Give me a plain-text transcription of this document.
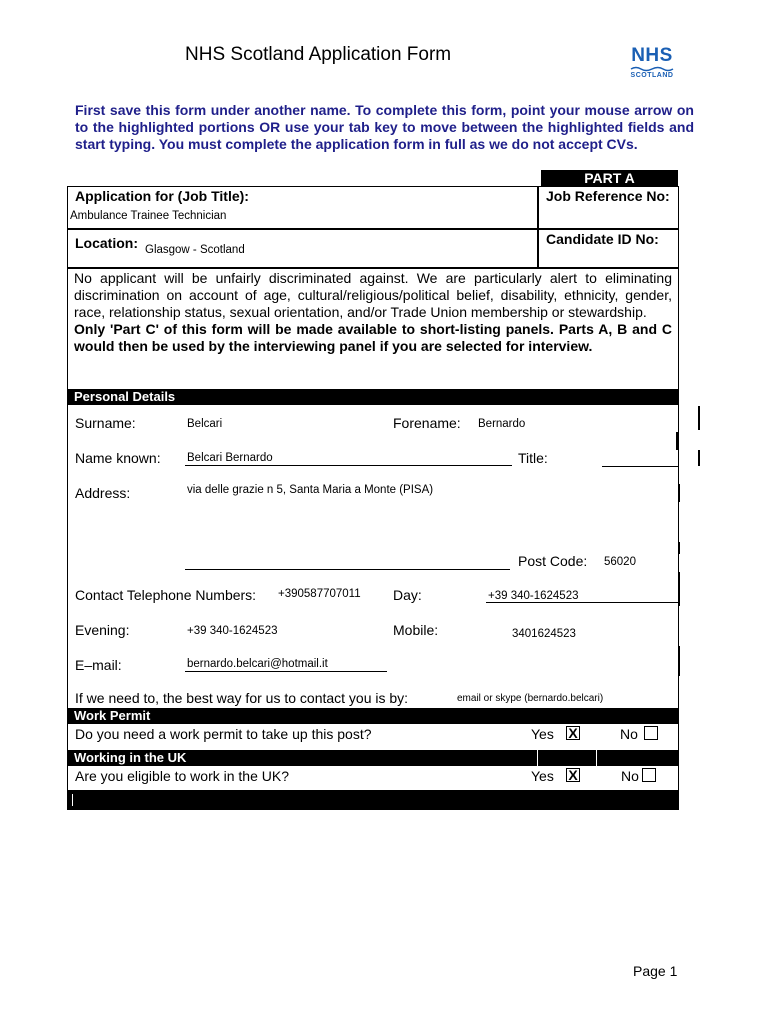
NHS Scotland Application Form	NHS
SCOTLAND
First save this form under another name. To complete this form, point your mouse arrow on to the highlighted portions OR use your tab key to move between the highlighted fields and start typing. You must complete the application form in full as we do not accept CVs.
PART A
Application for (Job Title):
Ambulance Trainee Technician
Job Reference No:
Location: Glasgow - Scotland
Candidate ID No:
No applicant will be unfairly discriminated against. We are particularly alert to eliminating discrimination on account of age, cultural/religious/political belief, disability, ethnicity, gender, race, relationship status, sexual orientation, and/or Trade Union membership or stewardship.
Only 'Part C' of this form will be made available to short-listing panels. Parts A, B and C would then be used by the interviewing panel if you are selected for interview.
Personal Details
Surname:	Belcari	Forename: Bernardo
Name known: Belcari Bernardo	Title:
Address:	via delle grazie n 5, Santa Maria a Monte (PISA)
Post Code: 56020
Contact Telephone Numbers: +390587707011 Day:	+39 340-1624523
Evening:	+39 340-1624523	Mobile:	3401624523
E–mail:	bernardo.belcari@hotmail.it
If we need to, the best way for us to contact you is by:	email or skype (bernardo.belcari)
Work Permit
Do you need a work permit to take up this post?	Yes X	No
Working in the UK
Are you eligible to work in the UK?	Yes X	No
Page 1
